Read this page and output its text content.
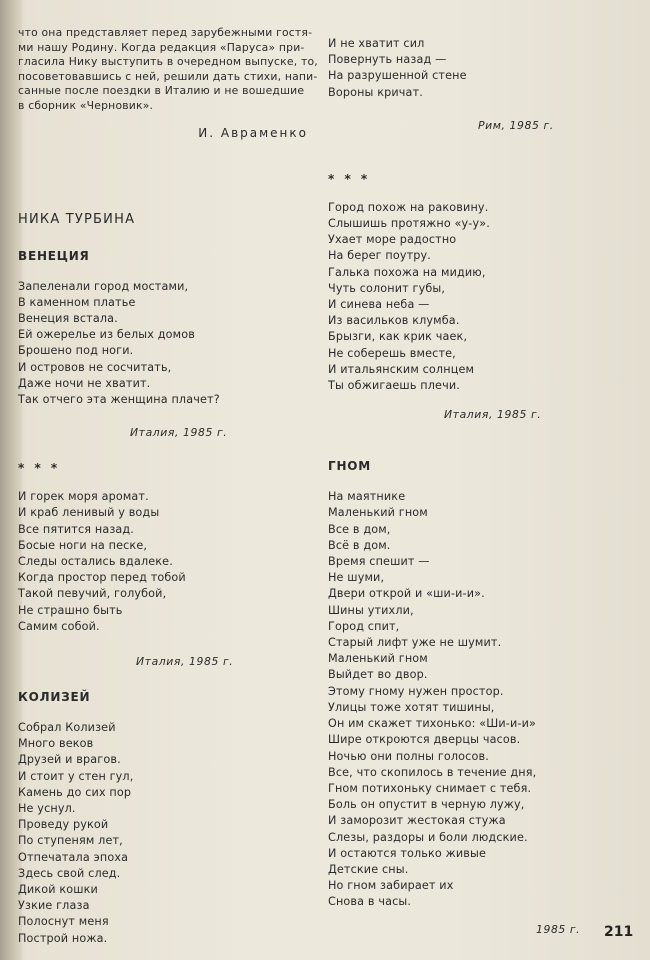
что она представляет перед зарубежными гостя-
ми нашу Родину. Когда редакция «Паруса» при-
гласила Нику выступить в очередном выпуске, то,
посоветовавшись с ней, решили дать стихи, напи-
санные после поездки в Италию и не вошедшие
в сборник «Черновик».
И. Авраменко
НИКА ТУРБИНА
ВЕНЕЦИЯ
Запеленали город мостами,
В каменном платье
Венеция встала.
Ей ожерелье из белых домов
Брошено под ноги.
И островов не сосчитать,
Даже ночи не хватит.
Так отчего эта женщина плачет?
Италия, 1985 г.
* * *
И горек моря аромат.
И краб ленивый у воды
Все пятится назад.
Босые ноги на песке,
Следы остались вдалеке.
Когда простор перед тобой
Такой певучий, голубой,
Не страшно быть
Самим собой.
Италия, 1985 г.
КОЛИЗЕЙ
Собрал Колизей
Много веков
Друзей и врагов.
И стоит у стен гул,
Камень до сих пор
Не уснул.
Проведу рукой
По ступеням лет,
Отпечатала эпоха
Здесь свой след.
Дикой кошки
Узкие глаза
Полоснут меня
Построй ножа.
И не хватит сил
Повернуть назад —
На разрушенной стене
Вороны кричат.
Рим, 1985 г.
* * *
Город похож на раковину.
Слышишь протяжно «у-у».
Ухает море радостно
На берег поутру.
Галька похожа на мидию,
Чуть солонит губы,
И синева неба —
Из васильков клумба.
Брызги, как крик чаек,
Не соберешь вместе,
И итальянским солнцем
Ты обжигаешь плечи.
Италия, 1985 г.
ГНОМ
На маятнике
Маленький гном
Все в дом,
Всё в дом.
Время спешит —
Не шуми,
Двери открой и «ши-и-и».
Шины утихли,
Город спит,
Старый лифт уже не шумит.
Маленький гном
Выйдет во двор.
Этому гному нужен простор.
Улицы тоже хотят тишины,
Он им скажет тихонько: «Ши-и-и»
Шире откроются дверцы часов.
Ночью они полны голосов.
Все, что скопилось в течение дня,
Гном потихоньку снимает с тебя.
Боль он опустит в черную лужу,
И заморозит жестокая стужа
Слезы, раздоры и боли людские.
И остаются только живые
Детские сны.
Но гном забирает их
Снова в часы.
1985 г.	211
